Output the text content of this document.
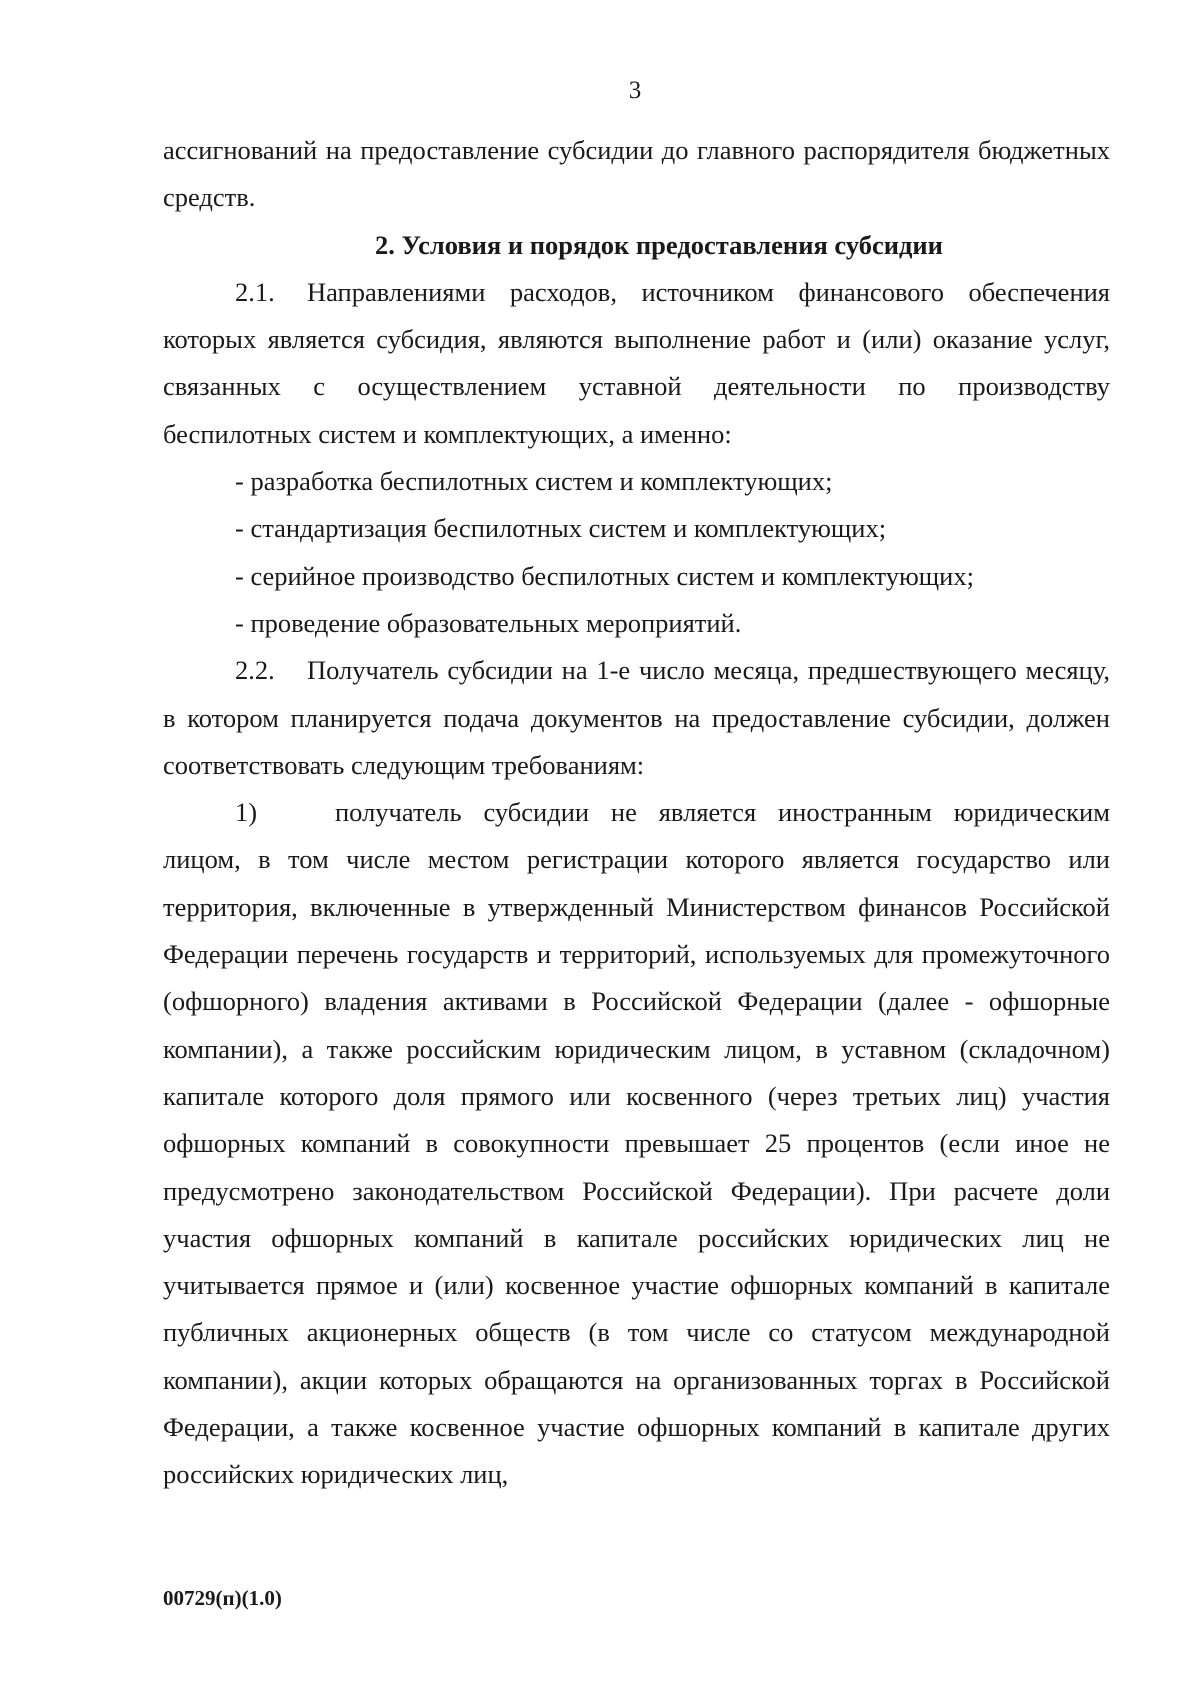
3

ассигнований на предоставление субсидии до главного распорядителя бюджетных средств.

2. Условия и порядок предоставления субсидии

2.1. Направлениями расходов, источником финансового обеспечения которых является субсидия, являются выполнение работ и (или) оказание услуг, связанных с осуществлением уставной деятельности по производству беспилотных систем и комплектующих, а именно:

- разработка беспилотных систем и комплектующих;

- стандартизация беспилотных систем и комплектующих;

- серийное производство беспилотных систем и комплектующих;

- проведение образовательных мероприятий.

2.2. Получатель субсидии на 1-е число месяца, предшествующего месяцу, в котором планируется подача документов на предоставление субсидии, должен соответствовать следующим требованиям:

1)	получатель субсидии не является иностранным юридическим лицом, в том числе местом регистрации которого является государство или территория, включенные в утвержденный Министерством финансов Российской Федерации перечень государств и территорий, используемых для промежуточного (офшорного) владения активами в Российской Федерации (далее - офшорные компании), а также российским юридическим лицом, в уставном (складочном) капитале которого доля прямого или косвенного (через третьих лиц) участия офшорных компаний в совокупности превышает 25 процентов (если иное не предусмотрено законодательством Российской Федерации). При расчете доли участия офшорных компаний в капитале российских юридических лиц не учитывается прямое и (или) косвенное участие офшорных компаний в капитале публичных акционерных обществ (в том числе со статусом международной компании), акции которых обращаются на организованных торгах в Российской Федерации, а также косвенное участие офшорных компаний в капитале других российских юридических лиц,

00729(п)(1.0)
